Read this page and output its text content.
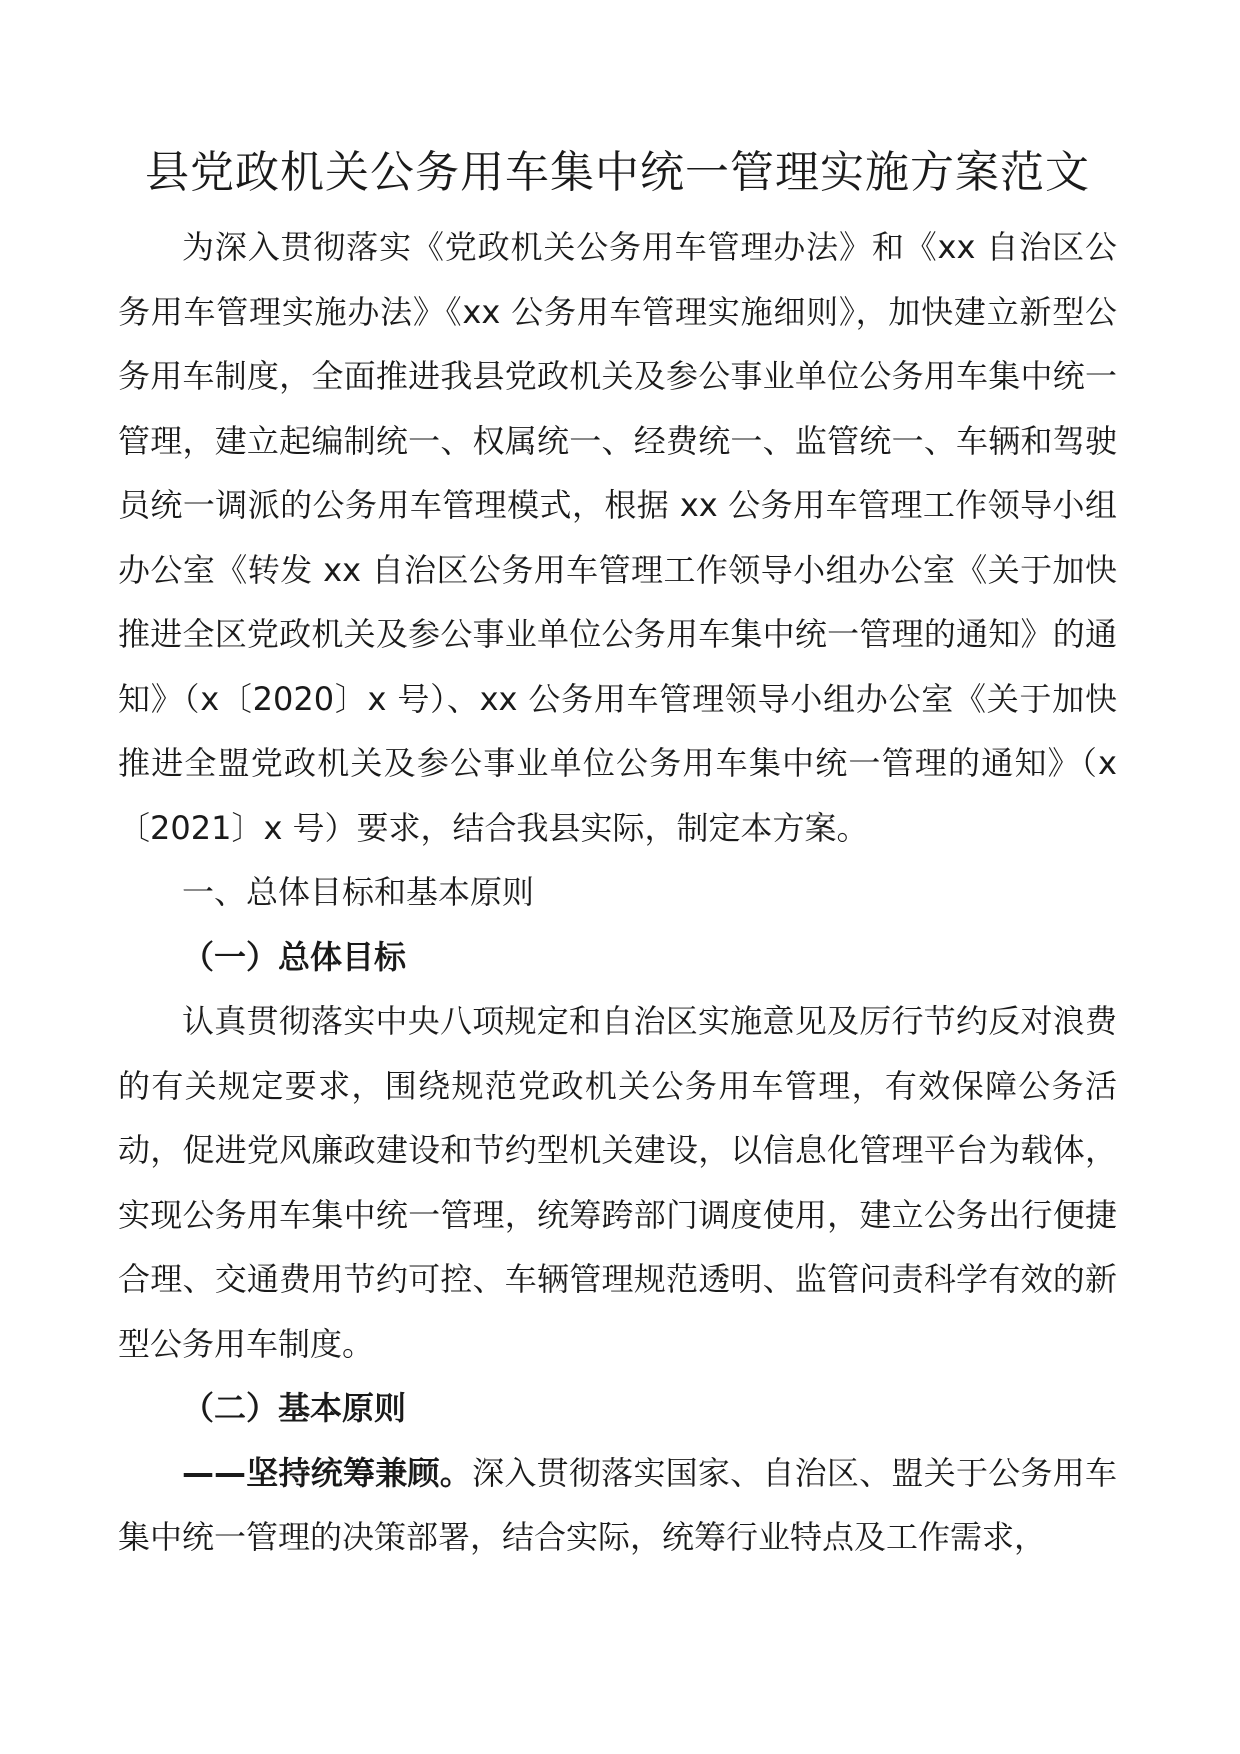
县党政机关公务用车集中统一管理实施方案范文

为深入贯彻落实《党政机关公务用车管理办法》和《xx 自治区公务用车管理实施办法》《xx 公务用车管理实施细则》，加快建立新型公务用车制度，全面推进我县党政机关及参公事业单位公务用车集中统一管理，建立起编制统一、权属统一、经费统一、监管统一、车辆和驾驶员统一调派的公务用车管理模式，根据 xx 公务用车管理工作领导小组办公室《转发 xx 自治区公务用车管理工作领导小组办公室《关于加快推进全区党政机关及参公事业单位公务用车集中统一管理的通知》的通知》（x〔2020〕x 号）、xx 公务用车管理领导小组办公室《关于加快推进全盟党政机关及参公事业单位公务用车集中统一管理的通知》（x〔2021〕x 号）要求，结合我县实际，制定本方案。

一、总体目标和基本原则

（一）总体目标

认真贯彻落实中央八项规定和自治区实施意见及厉行节约反对浪费的有关规定要求，围绕规范党政机关公务用车管理，有效保障公务活动，促进党风廉政建设和节约型机关建设，以信息化管理平台为载体，实现公务用车集中统一管理，统筹跨部门调度使用，建立公务出行便捷合理、交通费用节约可控、车辆管理规范透明、监管问责科学有效的新型公务用车制度。

（二）基本原则

——坚持统筹兼顾。深入贯彻落实国家、自治区、盟关于公务用车集中统一管理的决策部署，结合实际，统筹行业特点及工作需求，
